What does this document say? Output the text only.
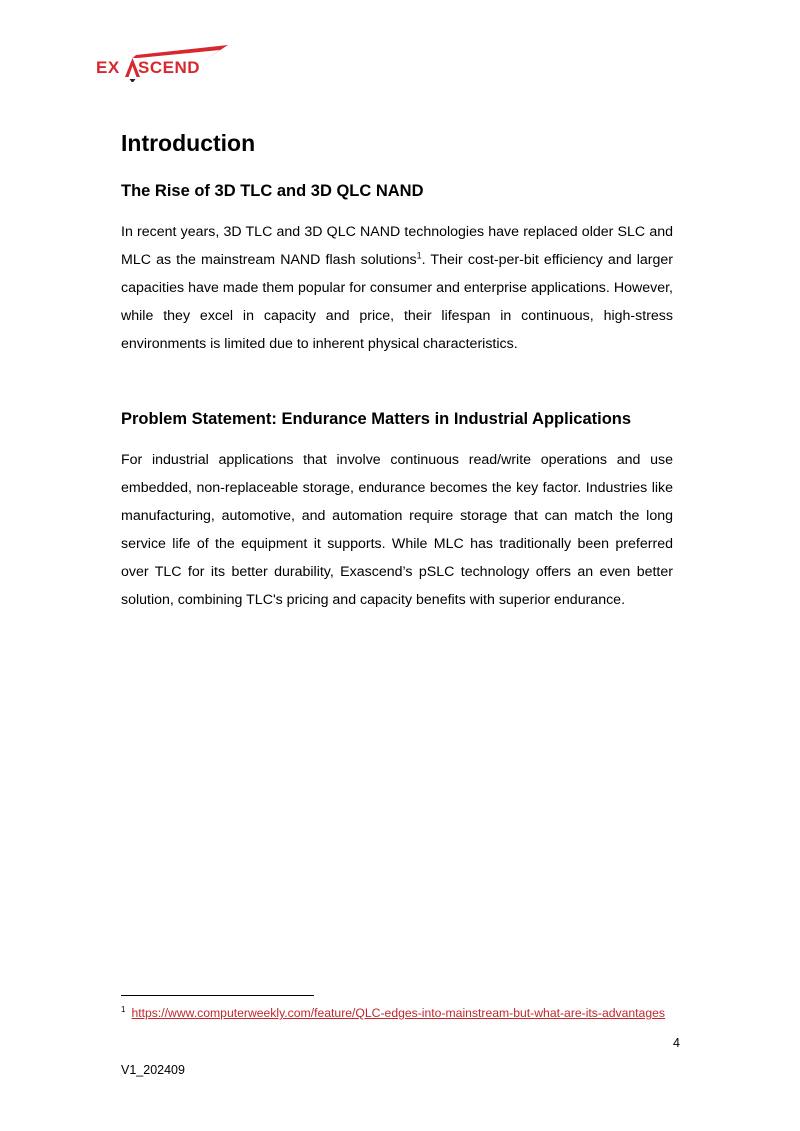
EX SCEND
Introduction
The Rise of 3D TLC and 3D QLC NAND

In recent years, 3D TLC and 3D QLC NAND technologies have replaced older SLC and MLC as the mainstream NAND flash solutions$^1$. Their cost-per-bit efficiency and larger capacities have made them popular for consumer and enterprise applications. However, while they excel in capacity and price, their lifespan in continuous, high-stress environments is limited due to inherent physical characteristics.

Problem Statement: Endurance Matters in Industrial Applications

For industrial applications that involve continuous read/write operations and use embedded, non-replaceable storage, endurance becomes the key factor. Industries like manufacturing, automotive, and automation require storage that can match the long service life of the equipment it supports. While MLC has traditionally been preferred over TLC for its better durability, Exascend’s pSLC technology offers an even better solution, combining TLC's pricing and capacity benefits with superior endurance.

$^1$ https://www.computerweekly.com/feature/QLC-edges-into-mainstream-but-what-are-its-advantages
4
V1_202409
